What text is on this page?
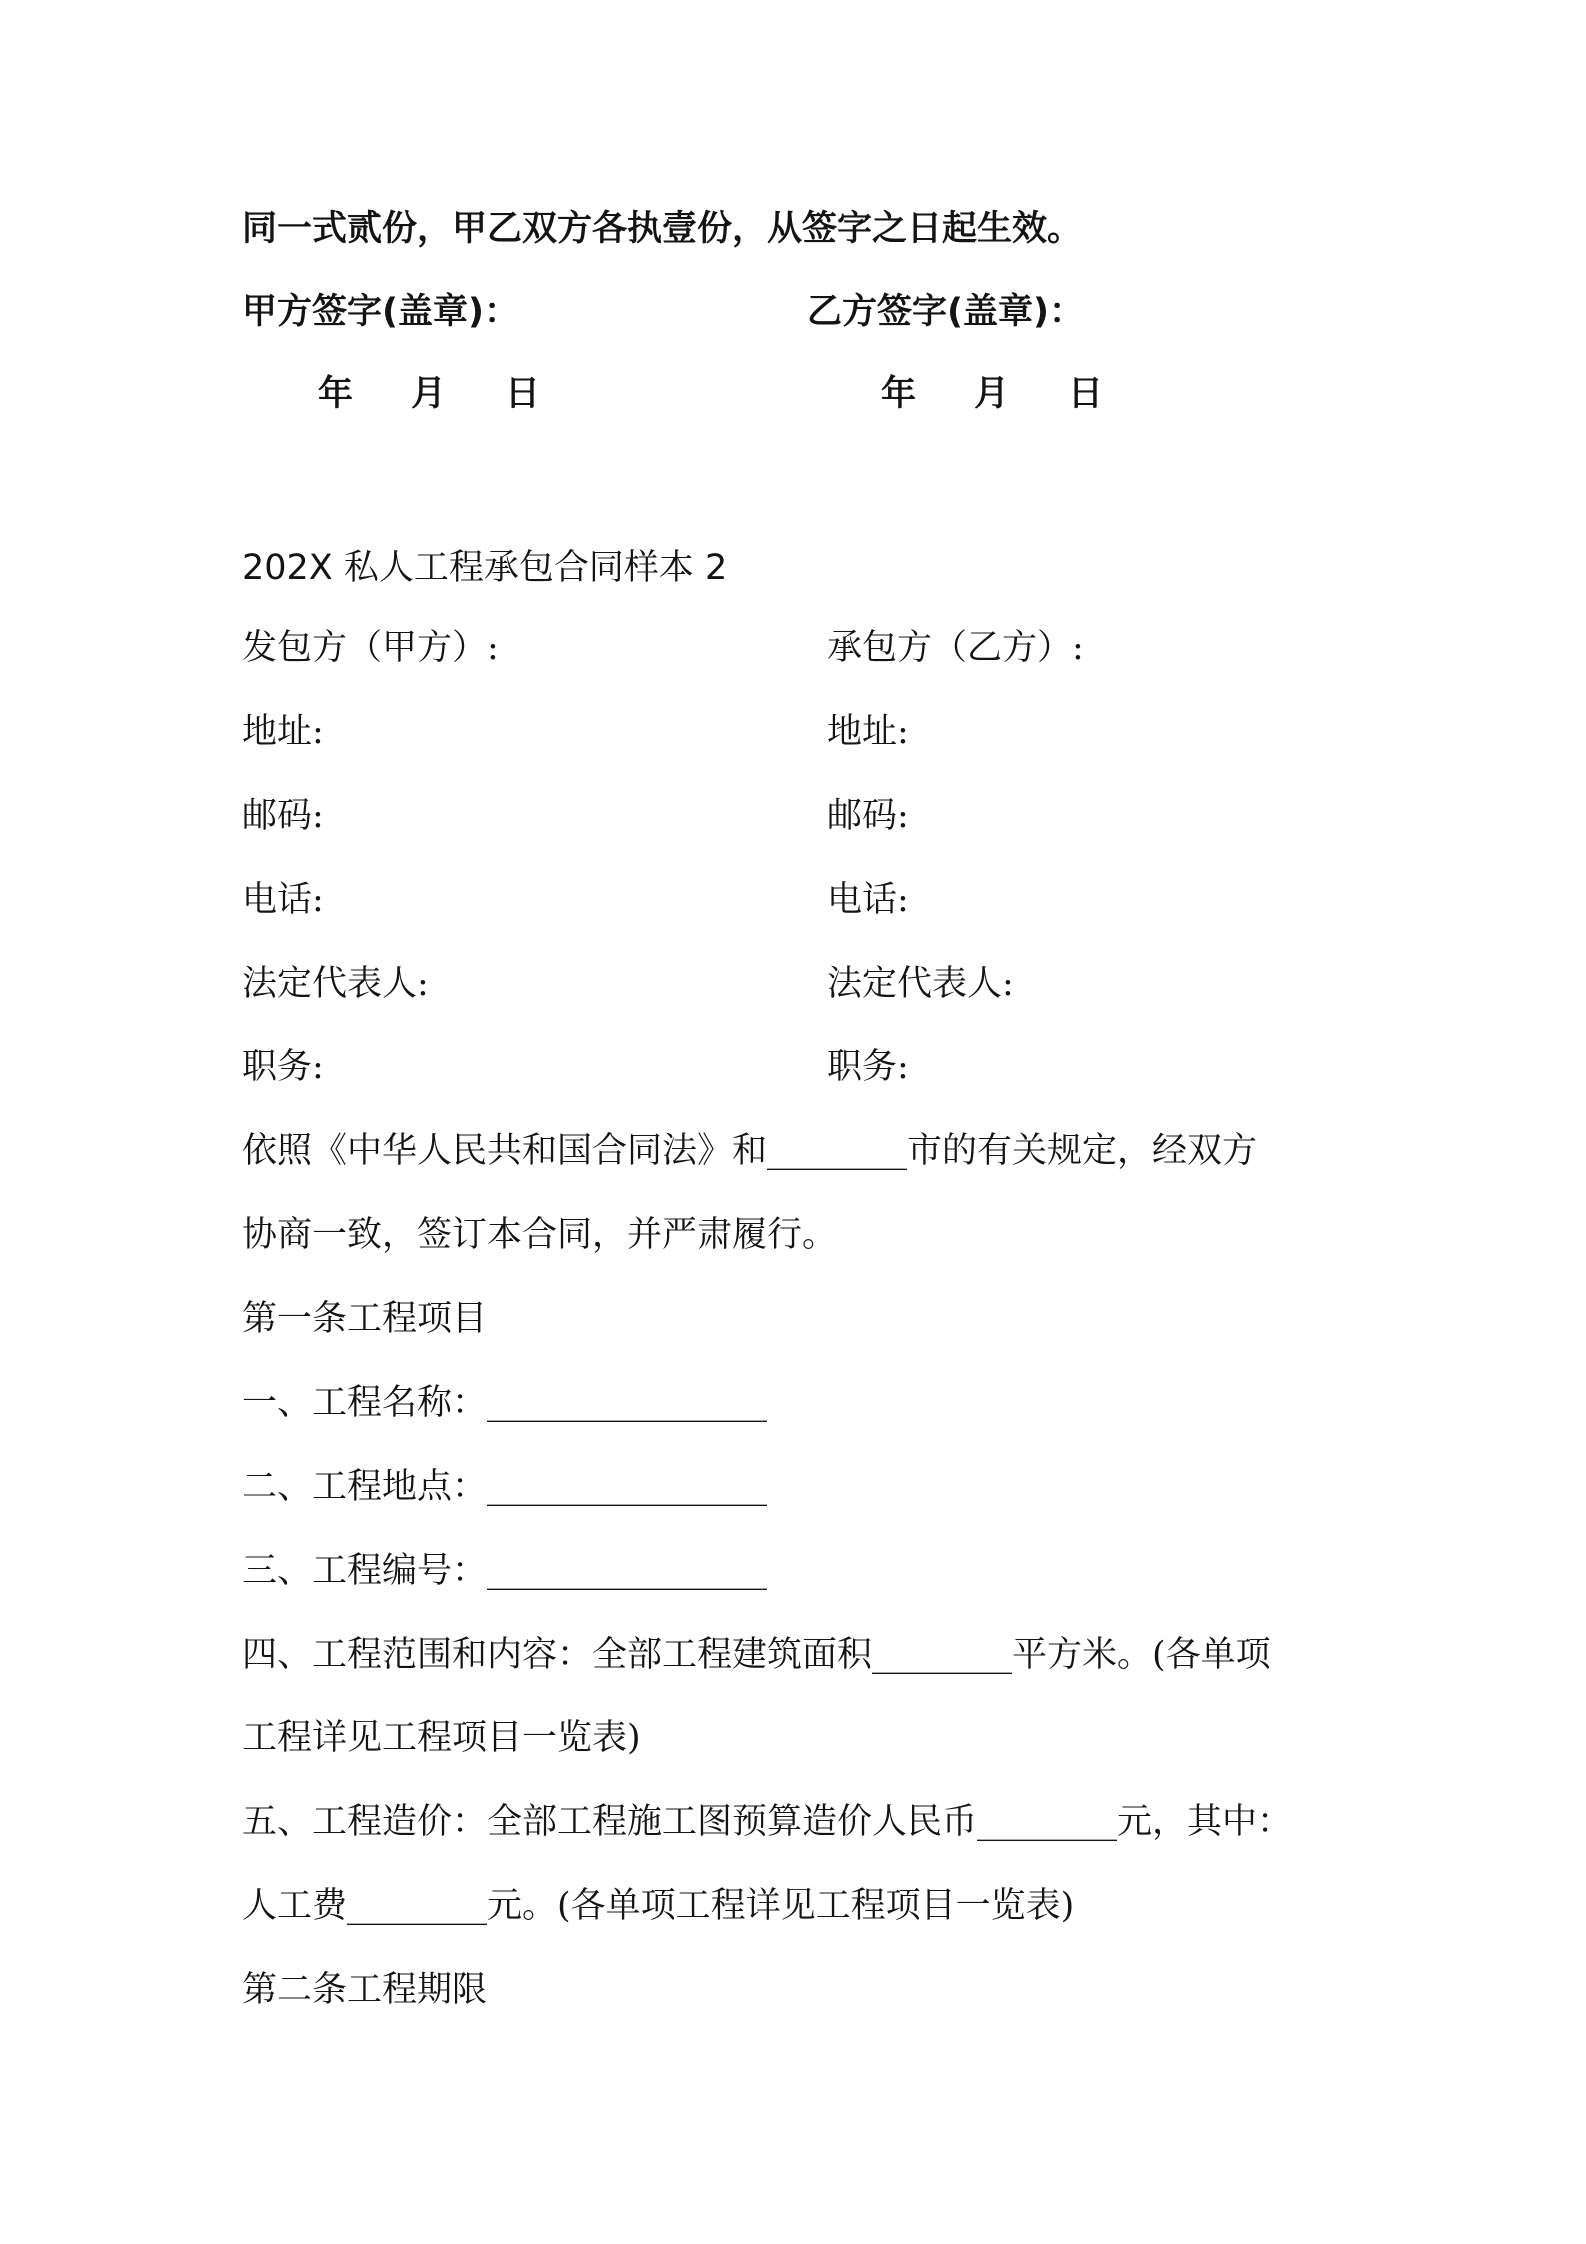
同一式贰份，甲乙双方各执壹份，从签字之日起生效。
甲方签字(盖章)：	乙方签字(盖章)：
年 月 日	年 月 日
202X 私人工程承包合同样本 2
发包方（甲方）:	承包方（乙方）:
地址:	地址:
邮码:	邮码:
电话:	电话:
法定代表人:	法定代表人:
职务:	职务:
依照《中华人民共和国合同法》和________市的有关规定，经双方
协商一致，签订本合同，并严肃履行。
第一条工程项目
一、工程名称：________________
二、工程地点：________________
三、工程编号：________________
四、工程范围和内容：全部工程建筑面积________平方米。(各单项
工程详见工程项目一览表)
五、工程造价：全部工程施工图预算造价人民币________元，其中：
人工费________元。(各单项工程详见工程项目一览表)
第二条工程期限
